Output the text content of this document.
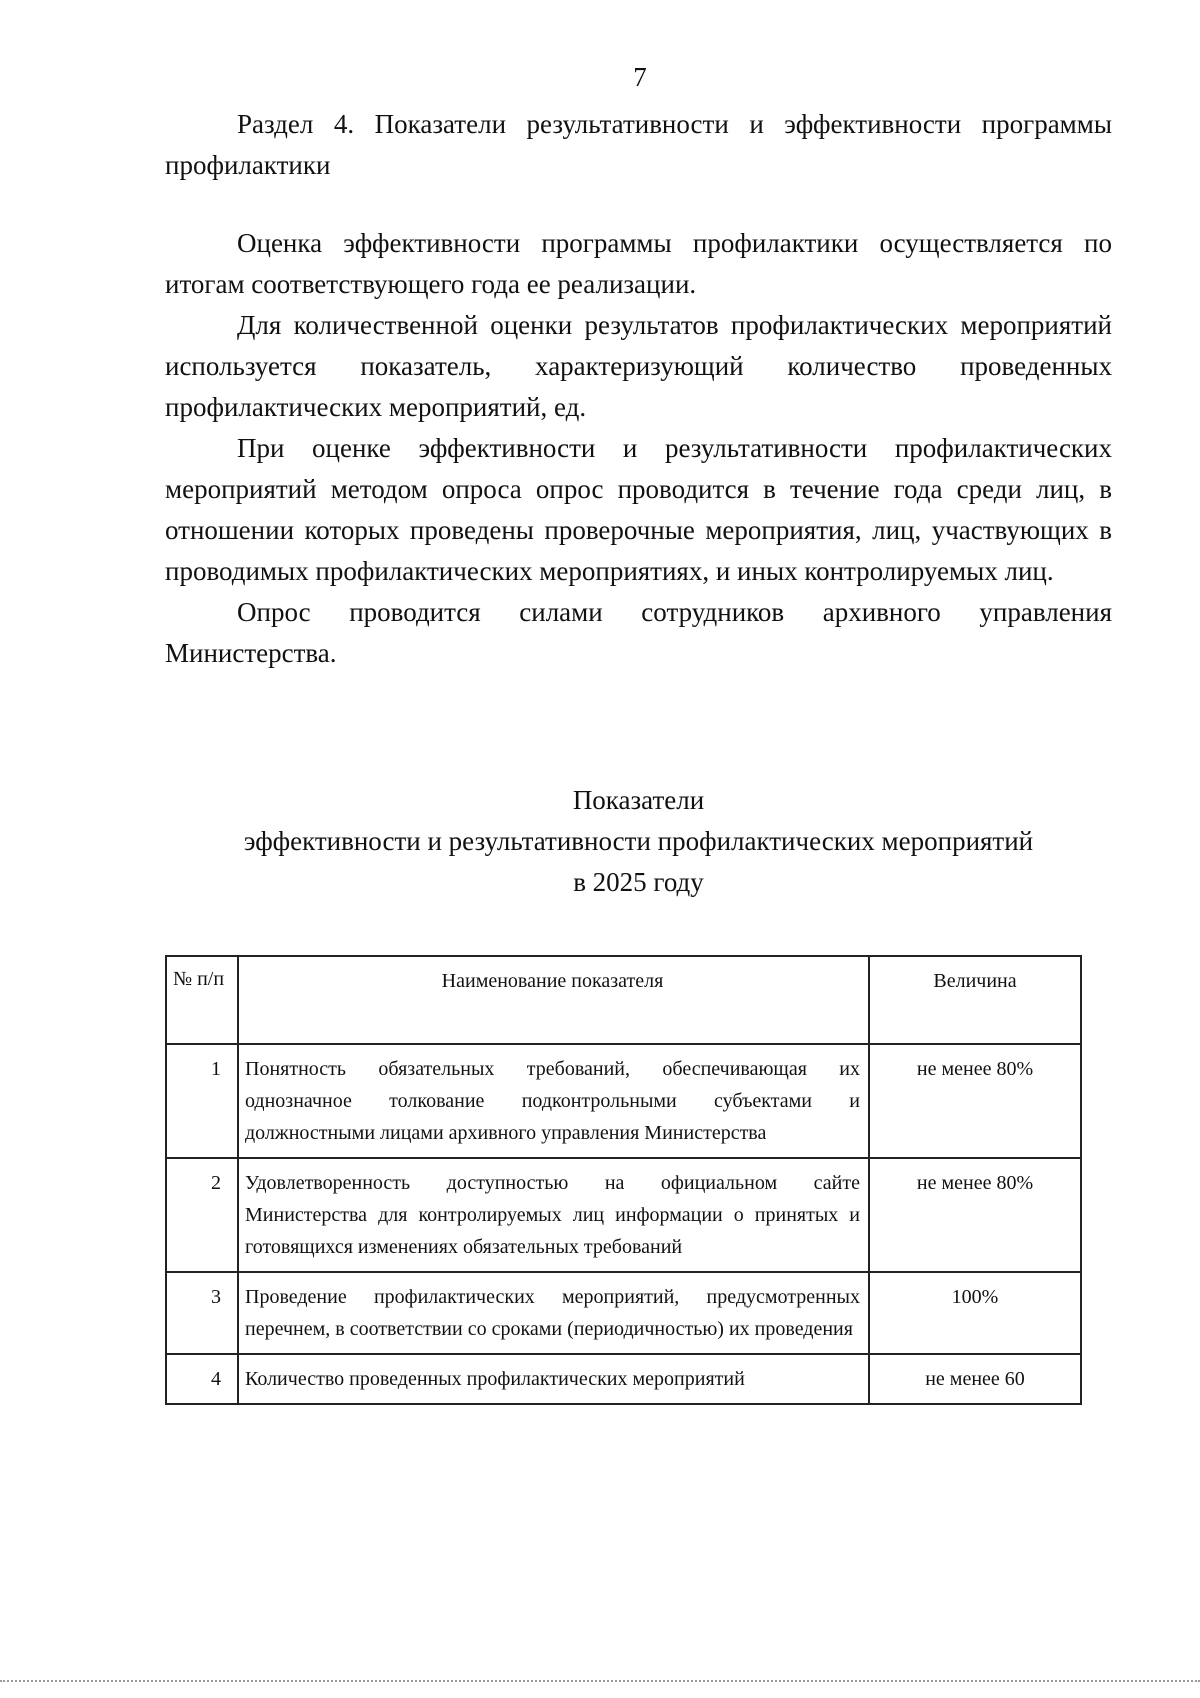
7

Раздел 4. Показатели результативности и эффективности программы профилактики

Оценка эффективности программы профилактики осуществляется по итогам соответствующего года ее реализации.

Для количественной оценки результатов профилактических мероприятий используется показатель, характеризующий количество проведенных профилактических мероприятий, ед.

При оценке эффективности и результативности профилактических мероприятий методом опроса опрос проводится в течение года среди лиц, в отношении которых проведены проверочные мероприятия, лиц, участвующих в проводимых профилактических мероприятиях, и иных контролируемых лиц.

Опрос проводится силами сотрудников архивного управления Министерства.

Показатели
эффективности и результативности профилактических мероприятий
в 2025 году
№ п/п	Наименование показателя	Величина
1	Понятность обязательных требований, обеспечивающая их однозначное толкование подконтрольными субъектами и должностными лицами архивного управления Министерства	не менее 80%
2	Удовлетворенность доступностью на официальном сайте Министерства для контролируемых лиц информации о принятых и готовящихся изменениях обязательных требований	не менее 80%
3	Проведение профилактических мероприятий, предусмотренных перечнем, в соответствии со сроками (периодичностью) их проведения	100%
4	Количество проведенных профилактических мероприятий	не менее 60
